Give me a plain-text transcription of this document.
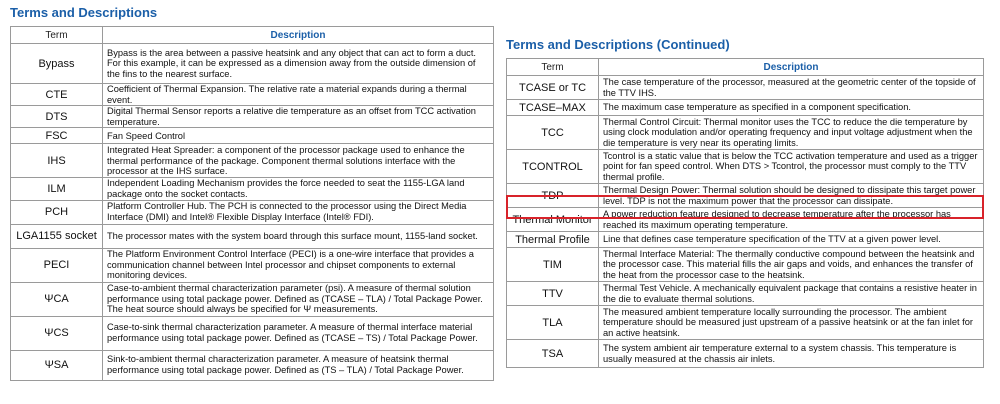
Terms and Descriptions
Term	Description
Bypass	Bypass is the area between a passive heatsink and any object that can act to form a duct. For this example, it can be expressed as a dimension away from the outside dimension of the fins to the nearest surface.
CTE	Coefficient of Thermal Expansion. The relative rate a material expands during a thermal event.
DTS	Digital Thermal Sensor reports a relative die temperature as an offset from TCC activation temperature.
FSC	Fan Speed Control
IHS	Integrated Heat Spreader: a component of the processor package used to enhance the thermal performance of the package. Component thermal solutions interface with the processor at the IHS surface.
ILM	Independent Loading Mechanism provides the force needed to seat the 1155-LGA land package onto the socket contacts.
PCH	Platform Controller Hub. The PCH is connected to the processor using the Direct Media Interface (DMI) and Intel® Flexible Display Interface (Intel® FDI).
LGA1155 socket	The processor mates with the system board through this surface mount, 1155-land socket.
PECI	The Platform Environment Control Interface (PECI) is a one-wire interface that provides a communication channel between Intel processor and chipset components to external monitoring devices.
ΨCA	Case-to-ambient thermal characterization parameter (psi). A measure of thermal solution performance using total package power. Defined as (TCASE – TLA) / Total Package Power. The heat source should always be specified for Ψ measurements.
ΨCS	Case-to-sink thermal characterization parameter. A measure of thermal interface material performance using total package power. Defined as (TCASE – TS) / Total Package Power.
ΨSA	Sink-to-ambient thermal characterization parameter. A measure of heatsink thermal performance using total package power. Defined as (TS – TLA) / Total Package Power.
Terms and Descriptions (Continued)
Term	Description
TCASE or TC	The case temperature of the processor, measured at the geometric center of the topside of the TTV IHS.
TCASE–MAX	The maximum case temperature as specified in a component specification.
TCC	Thermal Control Circuit: Thermal monitor uses the TCC to reduce the die temperature by using clock modulation and/or operating frequency and input voltage adjustment when the die temperature is very near its operating limits.
TCONTROL	Tcontrol is a static value that is below the TCC activation temperature and used as a trigger point for fan speed control. When DTS > Tcontrol, the processor must comply to the TTV thermal profile.
TDP	Thermal Design Power: Thermal solution should be designed to dissipate this target power level. TDP is not the maximum power that the processor can dissipate.
Thermal Monitor	A power reduction feature designed to decrease temperature after the processor has reached its maximum operating temperature.
Thermal Profile	Line that defines case temperature specification of the TTV at a given power level.
TIM	Thermal Interface Material: The thermally conductive compound between the heatsink and the processor case. This material fills the air gaps and voids, and enhances the transfer of the heat from the processor case to the heatsink.
TTV	Thermal Test Vehicle. A mechanically equivalent package that contains a resistive heater in the die to evaluate thermal solutions.
TLA	The measured ambient temperature locally surrounding the processor. The ambient temperature should be measured just upstream of a passive heatsink or at the fan inlet for an active heatsink.
TSA	The system ambient air temperature external to a system chassis. This temperature is usually measured at the chassis air inlets.
